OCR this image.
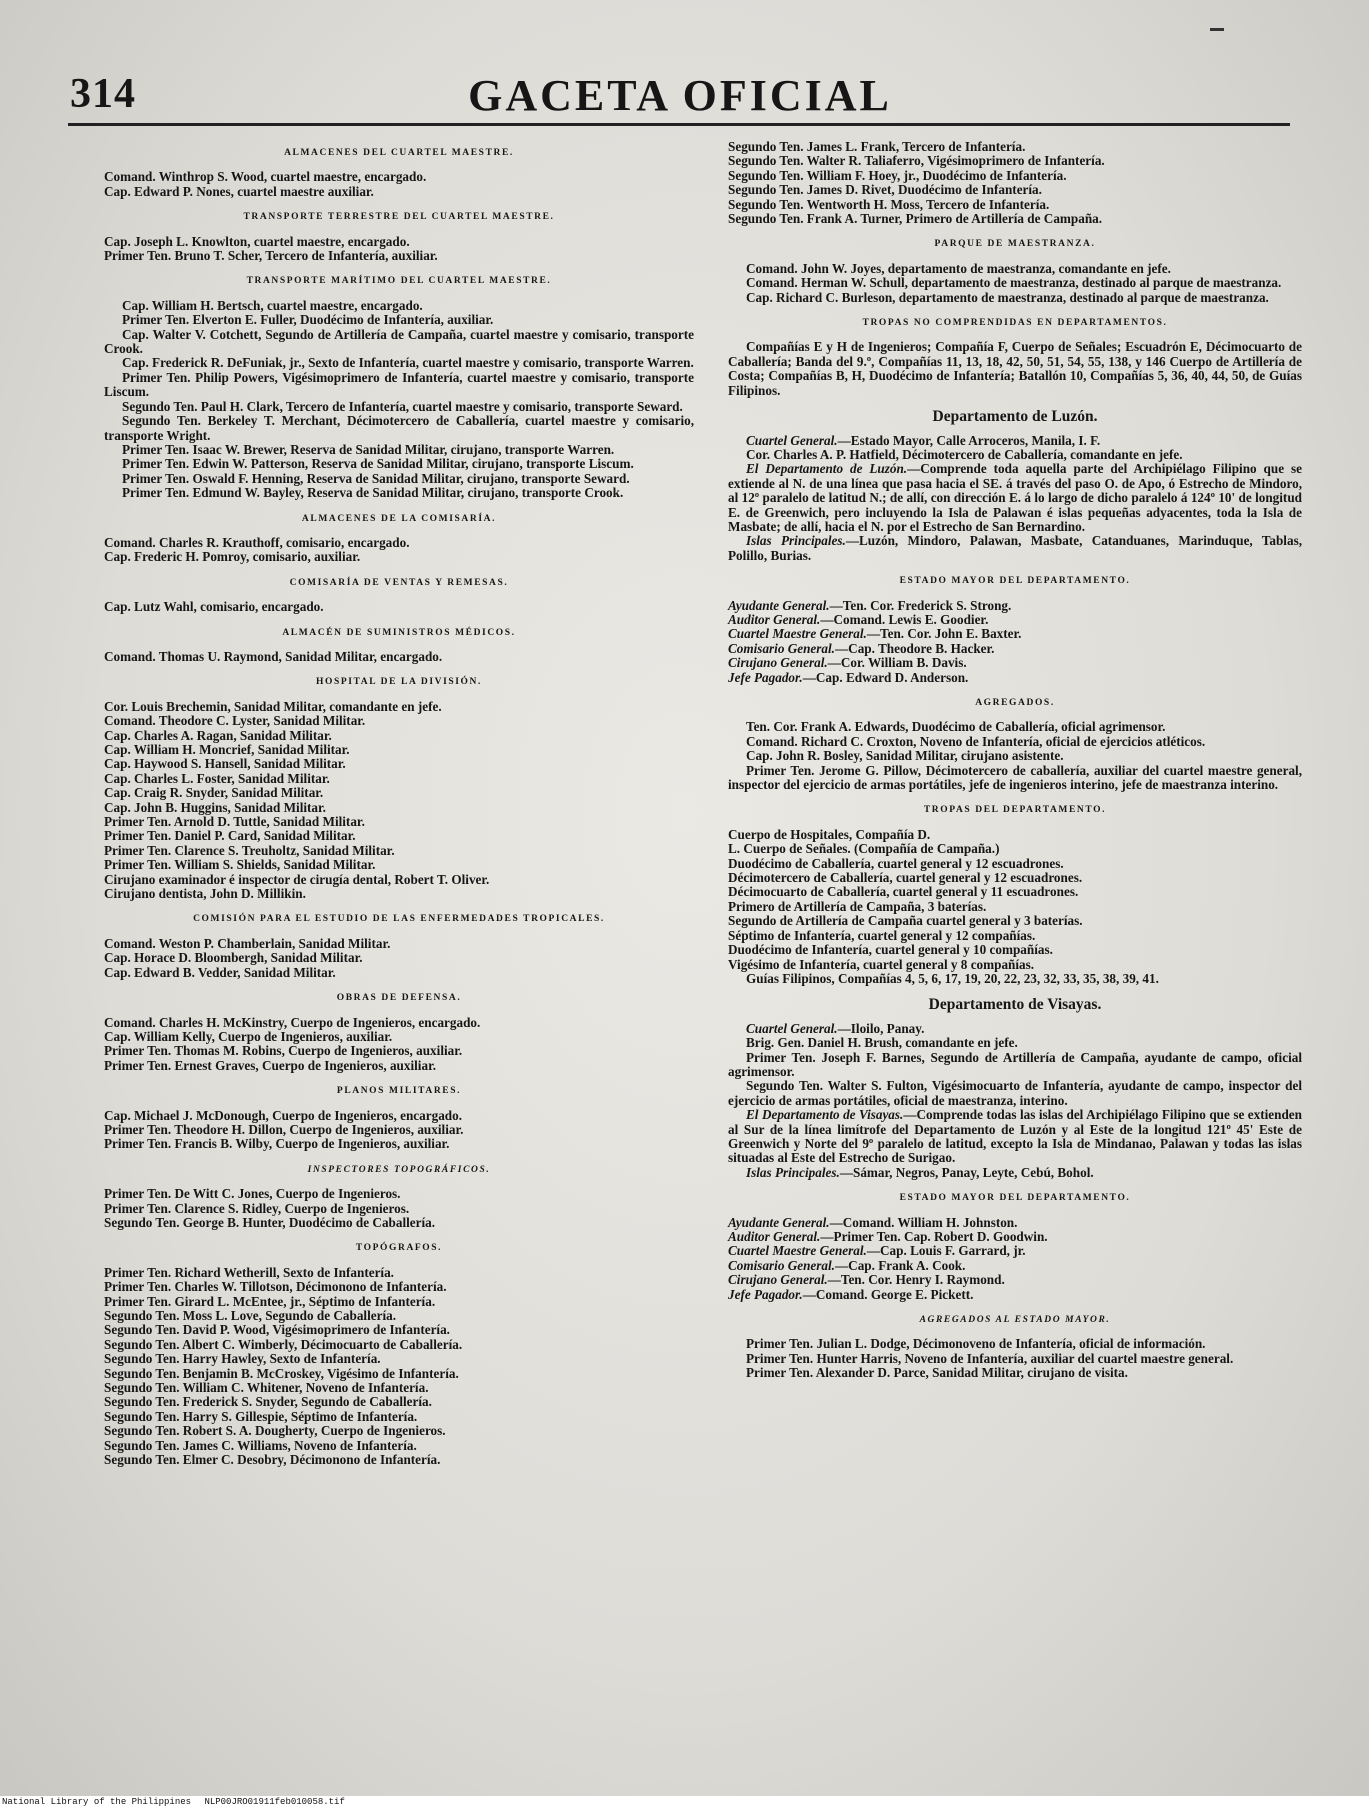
314	GACETA OFICIAL
ALMACENES DEL CUARTEL MAESTRE.
Comand. Winthrop S. Wood, cuartel maestre, encargado.
Cap. Edward P. Nones, cuartel maestre auxiliar.
TRANSPORTE TERRESTRE DEL CUARTEL MAESTRE.
Cap. Joseph L. Knowlton, cuartel maestre, encargado.
Primer Ten. Bruno T. Scher, Tercero de Infantería, auxiliar.
TRANSPORTE MARÍTIMO DEL CUARTEL MAESTRE.
Cap. William H. Bertsch, cuartel maestre, encargado.
Primer Ten. Elverton E. Fuller, Duodécimo de Infantería, auxiliar.
Cap. Walter V. Cotchett, Segundo de Artillería de Campaña, cuartel maestre y comisario, transporte Crook.
Cap. Frederick R. DeFuniak, jr., Sexto de Infantería, cuartel maestre y comisario, transporte Warren.
Primer Ten. Philip Powers, Vigésimoprimero de Infantería, cuartel maestre y comisario, transporte Liscum.
Segundo Ten. Paul H. Clark, Tercero de Infantería, cuartel maestre y comisario, transporte Seward.
Segundo Ten. Berkeley T. Merchant, Décimotercero de Caballería, cuartel maestre y comisario, transporte Wright.
Primer Ten. Isaac W. Brewer, Reserva de Sanidad Militar, cirujano, transporte Warren.
Primer Ten. Edwin W. Patterson, Reserva de Sanidad Militar, cirujano, transporte Liscum.
Primer Ten. Oswald F. Henning, Reserva de Sanidad Militar, cirujano, transporte Seward.
Primer Ten. Edmund W. Bayley, Reserva de Sanidad Militar, cirujano, transporte Crook.
ALMACENES DE LA COMISARÍA.
Comand. Charles R. Krauthoff, comisario, encargado.
Cap. Frederic H. Pomroy, comisario, auxiliar.
COMISARÍA DE VENTAS Y REMESAS.
Cap. Lutz Wahl, comisario, encargado.
ALMACÉN DE SUMINISTROS MÉDICOS.
Comand. Thomas U. Raymond, Sanidad Militar, encargado.
HOSPITAL DE LA DIVISIÓN.
Cor. Louis Brechemin, Sanidad Militar, comandante en jefe.
Comand. Theodore C. Lyster, Sanidad Militar.
Cap. Charles A. Ragan, Sanidad Militar.
Cap. William H. Moncrief, Sanidad Militar.
Cap. Haywood S. Hansell, Sanidad Militar.
Cap. Charles L. Foster, Sanidad Militar.
Cap. Craig R. Snyder, Sanidad Militar.
Cap. John B. Huggins, Sanidad Militar.
Primer Ten. Arnold D. Tuttle, Sanidad Militar.
Primer Ten. Daniel P. Card, Sanidad Militar.
Primer Ten. Clarence S. Treuholtz, Sanidad Militar.
Primer Ten. William S. Shields, Sanidad Militar.
Cirujano examinador é inspector de cirugía dental, Robert T. Oliver.
Cirujano dentista, John D. Millikin.
COMISIÓN PARA EL ESTUDIO DE LAS ENFERMEDADES TROPICALES.
Comand. Weston P. Chamberlain, Sanidad Militar.
Cap. Horace D. Bloombergh, Sanidad Militar.
Cap. Edward B. Vedder, Sanidad Militar.
OBRAS DE DEFENSA.
Comand. Charles H. McKinstry, Cuerpo de Ingenieros, encargado.
Cap. William Kelly, Cuerpo de Ingenieros, auxiliar.
Primer Ten. Thomas M. Robins, Cuerpo de Ingenieros, auxiliar.
Primer Ten. Ernest Graves, Cuerpo de Ingenieros, auxiliar.
PLANOS MILITARES.
Cap. Michael J. McDonough, Cuerpo de Ingenieros, encargado.
Primer Ten. Theodore H. Dillon, Cuerpo de Ingenieros, auxiliar.
Primer Ten. Francis B. Wilby, Cuerpo de Ingenieros, auxiliar.
INSPECTORES TOPOGRÁFICOS.
Primer Ten. De Witt C. Jones, Cuerpo de Ingenieros.
Primer Ten. Clarence S. Ridley, Cuerpo de Ingenieros.
Segundo Ten. George B. Hunter, Duodécimo de Caballería.
TOPÓGRAFOS.
Primer Ten. Richard Wetherill, Sexto de Infantería.
Primer Ten. Charles W. Tillotson, Décimonono de Infantería.
Primer Ten. Girard L. McEntee, jr., Séptimo de Infantería.
Segundo Ten. Moss L. Love, Segundo de Caballería.
Segundo Ten. David P. Wood, Vigésimoprimero de Infantería.
Segundo Ten. Albert C. Wimberly, Décimocuarto de Caballería.
Segundo Ten. Harry Hawley, Sexto de Infantería.
Segundo Ten. Benjamin B. McCroskey, Vigésimo de Infantería.
Segundo Ten. William C. Whitener, Noveno de Infantería.
Segundo Ten. Frederick S. Snyder, Segundo de Caballería.
Segundo Ten. Harry S. Gillespie, Séptimo de Infantería.
Segundo Ten. Robert S. A. Dougherty, Cuerpo de Ingenieros.
Segundo Ten. James C. Williams, Noveno de Infantería.
Segundo Ten. Elmer C. Desobry, Décimonono de Infantería.
Segundo Ten. James L. Frank, Tercero de Infantería.
Segundo Ten. Walter R. Taliaferro, Vigésimoprimero de Infantería.
Segundo Ten. William F. Hoey, jr., Duodécimo de Infantería.
Segundo Ten. James D. Rivet, Duodécimo de Infantería.
Segundo Ten. Wentworth H. Moss, Tercero de Infantería.
Segundo Ten. Frank A. Turner, Primero de Artillería de Campaña.
PARQUE DE MAESTRANZA.
Comand. John W. Joyes, departamento de maestranza, comandante en jefe.
Comand. Herman W. Schull, departamento de maestranza, destinado al parque de maestranza.
Cap. Richard C. Burleson, departamento de maestranza, destinado al parque de maestranza.
TROPAS NO COMPRENDIDAS EN DEPARTAMENTOS.

Compañías E y H de Ingenieros; Compañía F, Cuerpo de Señales; Escuadrón E, Décimocuarto de Caballería; Banda del 9.º, Compañías 11, 13, 18, 42, 50, 51, 54, 55, 138, y 146 Cuerpo de Artillería de Costa; Compañías B, H, Duodécimo de Infantería; Batallón 10, Compañías 5, 36, 40, 44, 50, de Guías Filipinos.

Departamento de Luzón.

Cuartel General.—Estado Mayor, Calle Arroceros, Manila, I. F.

Cor. Charles A. P. Hatfield, Décimotercero de Caballería, comandante en jefe.

El Departamento de Luzón.—Comprende toda aquella parte del Archipiélago Filipino que se extiende al N. de una línea que pasa hacia el SE. á través del paso O. de Apo, ó Estrecho de Mindoro, al 12º paralelo de latitud N.; de allí, con dirección E. á lo largo de dicho paralelo á 124º 10' de longitud E. de Greenwich, pero incluyendo la Isla de Palawan é islas pequeñas adyacentes, toda la Isla de Masbate; de allí, hacia el N. por el Estrecho de San Bernardino.

Islas Principales.—Luzón, Mindoro, Palawan, Masbate, Catanduanes, Marinduque, Tablas, Polillo, Burias.

ESTADO MAYOR DEL DEPARTAMENTO.
Ayudante General.—Ten. Cor. Frederick S. Strong.
Auditor General.—Comand. Lewis E. Goodier.
Cuartel Maestre General.—Ten. Cor. John E. Baxter.
Comisario General.—Cap. Theodore B. Hacker.
Cirujano General.—Cor. William B. Davis.
Jefe Pagador.—Cap. Edward D. Anderson.
AGREGADOS.
Ten. Cor. Frank A. Edwards, Duodécimo de Caballería, oficial agrimensor.
Comand. Richard C. Croxton, Noveno de Infantería, oficial de ejercicios atléticos.
Cap. John R. Bosley, Sanidad Militar, cirujano asistente.
Primer Ten. Jerome G. Pillow, Décimotercero de caballería, auxiliar del cuartel maestre general, inspector del ejercicio de armas portátiles, jefe de ingenieros interino, jefe de maestranza interino.
TROPAS DEL DEPARTAMENTO.
Cuerpo de Hospitales, Compañía D.
L. Cuerpo de Señales. (Compañía de Campaña.)
Duodécimo de Caballería, cuartel general y 12 escuadrones.
Décimotercero de Caballería, cuartel general y 12 escuadrones.
Décimocuarto de Caballería, cuartel general y 11 escuadrones.
Primero de Artillería de Campaña, 3 baterías.
Segundo de Artillería de Campaña cuartel general y 3 baterías.
Séptimo de Infantería, cuartel general y 12 compañías.
Duodécimo de Infantería, cuartel general y 10 compañías.
Vigésimo de Infantería, cuartel general y 8 compañías.

Guías Filipinos, Compañías 4, 5, 6, 17, 19, 20, 22, 23, 32, 33, 35, 38, 39, 41.

Departamento de Visayas.

Cuartel General.—Iloilo, Panay.

Brig. Gen. Daniel H. Brush, comandante en jefe.
Primer Ten. Joseph F. Barnes, Segundo de Artillería de Campaña, ayudante de campo, oficial agrimensor.
Segundo Ten. Walter S. Fulton, Vigésimocuarto de Infantería, ayudante de campo, inspector del ejercicio de armas portátiles, oficial de maestranza, interino.

El Departamento de Visayas.—Comprende todas las islas del Archipiélago Filipino que se extienden al Sur de la línea limítrofe del Departamento de Luzón y al Este de la longitud 121º 45' Este de Greenwich y Norte del 9º paralelo de latitud, excepto la Isla de Mindanao, Palawan y todas las islas situadas al Este del Estrecho de Surigao.

Islas Principales.—Sámar, Negros, Panay, Leyte, Cebú, Bohol.

ESTADO MAYOR DEL DEPARTAMENTO.
Ayudante General.—Comand. William H. Johnston.
Auditor General.—Primer Ten. Cap. Robert D. Goodwin.
Cuartel Maestre General.—Cap. Louis F. Garrard, jr.
Comisario General.—Cap. Frank A. Cook.
Cirujano General.—Ten. Cor. Henry I. Raymond.
Jefe Pagador.—Comand. George E. Pickett.
AGREGADOS AL ESTADO MAYOR.
Primer Ten. Julian L. Dodge, Décimonoveno de Infantería, oficial de información.
Primer Ten. Hunter Harris, Noveno de Infantería, auxiliar del cuartel maestre general.
Primer Ten. Alexander D. Parce, Sanidad Militar, cirujano de visita.
National Library of the Philippines NLP00JRO01911feb010058.tif
